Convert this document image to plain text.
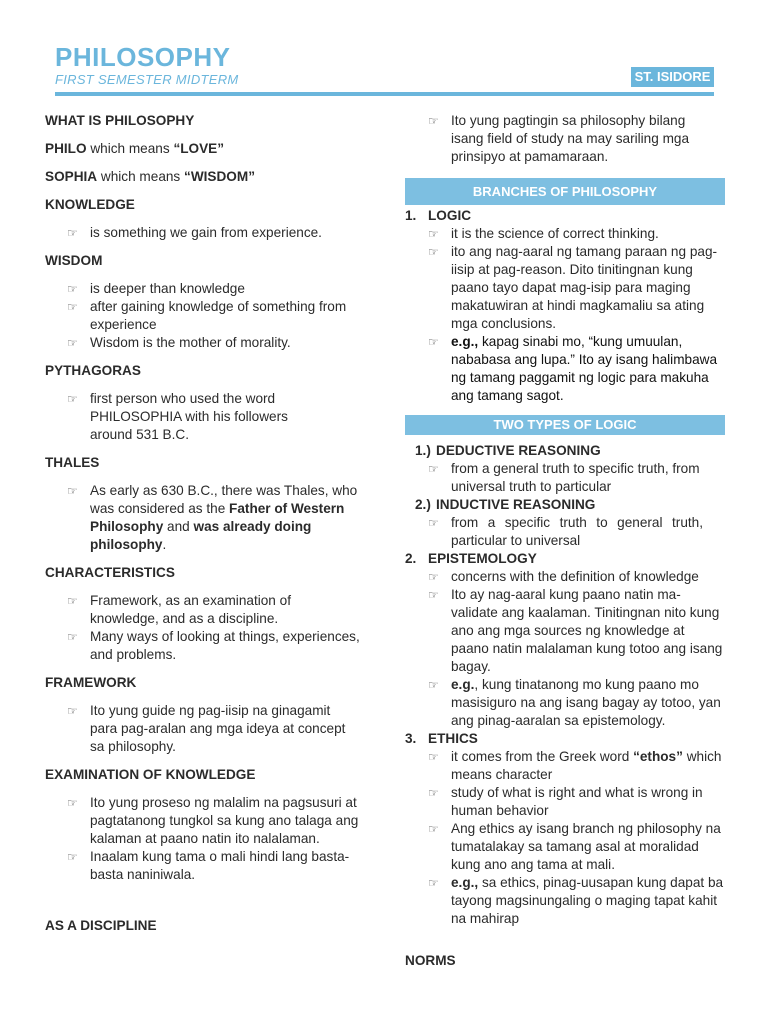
PHILOSOPHY
FIRST SEMESTER MIDTERM	ST. ISIDORE

WHAT IS PHILOSOPHY

PHILO which means “LOVE”

SOPHIA which means “WISDOM”

KNOWLEDGE

☞ is something we gain from experience.

WISDOM

☞ is deeper than knowledge
☞ after gaining knowledge of something from experience
☞ Wisdom is the mother of morality.

PYTHAGORAS

☞ first person who used the word PHILOSOPHIA with his followers around 531 B.C.

THALES

☞ As early as 630 B.C., there was Thales, who was considered as the Father of Western Philosophy and was already doing philosophy.

CHARACTERISTICS

☞ Framework, as an examination of knowledge, and as a discipline.
☞ Many ways of looking at things, experiences, and problems.

FRAMEWORK

☞ Ito yung guide ng pag-iisip na ginagamit para pag-aralan ang mga ideya at concept sa philosophy.

EXAMINATION OF KNOWLEDGE

☞ Ito yung proseso ng malalim na pagsusuri at pagtatanong tungkol sa kung ano talaga ang kalaman at paano natin ito nalalaman.
☞ Inaalam kung tama o mali hindi lang basta-basta naniniwala.

AS A DISCIPLINE

☞ Ito yung pagtingin sa philosophy bilang isang field of study na may sariling mga prinsipyo at pamamaraan.

BRANCHES OF PHILOSOPHY

1. LOGIC

☞ it is the science of correct thinking.
☞ ito ang nag-aaral ng tamang paraan ng pag-iisip at pag-reason. Dito tinitingnan kung paano tayo dapat mag-isip para maging makatuwiran at hindi magkamaliu sa ating mga conclusions.
☞ e.g., kapag sinabi mo, “kung umuulan, nababasa ang lupa.” Ito ay isang halimbawa ng tamang paggamit ng logic para makuha ang tamang sagot.

TWO TYPES OF LOGIC

1.) DEDUCTIVE REASONING

☞ from a general truth to specific truth, from universal truth to particular

2.) INDUCTIVE REASONING

☞ from a specific truth to general truth, particular to universal

2. EPISTEMOLOGY

☞ concerns with the definition of knowledge
☞ Ito ay nag-aaral kung paano natin ma-validate ang kaalaman. Tinitingnan nito kung ano ang mga sources ng knowledge at paano natin malalaman kung totoo ang isang bagay.
☞ e.g., kung tinatanong mo kung paano mo masisiguro na ang isang bagay ay totoo, yan ang pinag-aaralan sa epistemology.

3. ETHICS

☞ it comes from the Greek word “ethos” which means character
☞ study of what is right and what is wrong in human behavior
☞ Ang ethics ay isang branch ng philosophy na tumatalakay sa tamang asal at moralidad kung ano ang tama at mali.
☞ e.g., sa ethics, pinag-uusapan kung dapat ba tayong magsinungaling o maging tapat kahit na mahirap

NORMS
